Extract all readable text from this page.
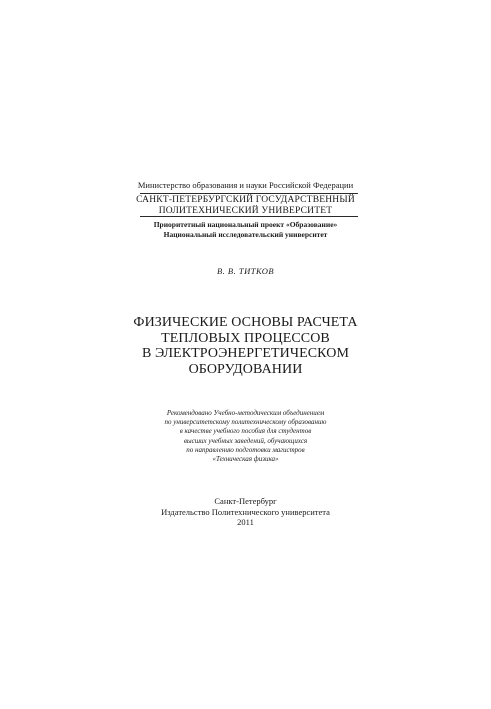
Министерство образования и науки Российской Федерации
САНКТ-ПЕТЕРБУРГСКИЙ ГОСУДАРСТВЕННЫЙ
ПОЛИТЕХНИЧЕСКИЙ УНИВЕРСИТЕТ
Приоритетный национальный проект «Образование»
Национальный исследовательский университет
В. В. ТИТКОВ
ФИЗИЧЕСКИЕ ОСНОВЫ РАСЧЕТА
ТЕПЛОВЫХ ПРОЦЕССОВ
В ЭЛЕКТРОЭНЕРГЕТИЧЕСКОМ
ОБОРУДОВАНИИ
Рекомендовано Учебно-методическим объединением
по университетскому политехническому образованию
в качестве учебного пособия для студентов
высших учебных заведений, обучающихся
по направлению подготовки магистров
«Техническая физика»
Санкт-Петербург
Издательство Политехнического университета
2011
